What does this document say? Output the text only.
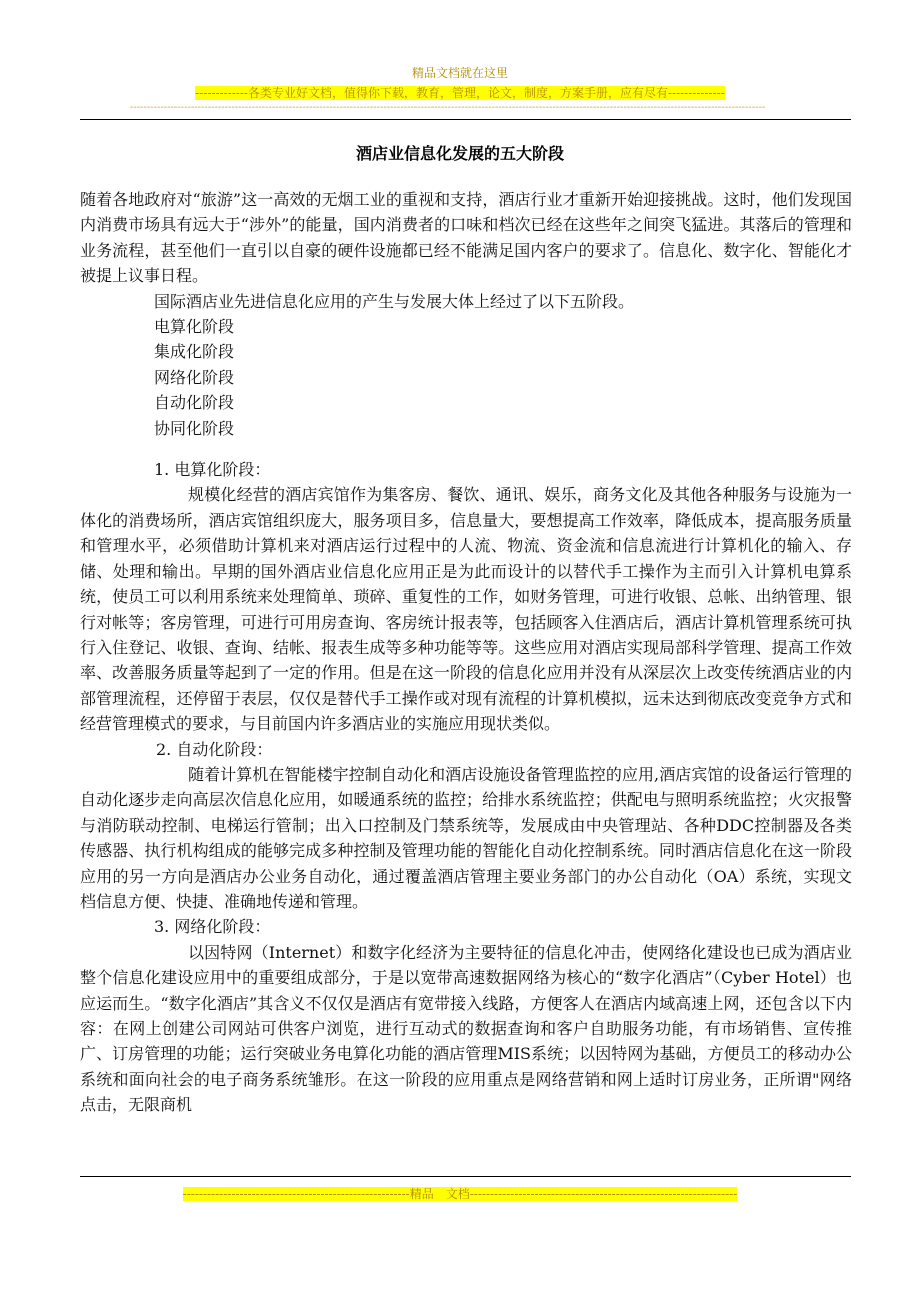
精品文档就在这里
-------------各类专业好文档，值得你下载，教育，管理，论文，制度，方案手册，应有尽有--------------
--------------------------------------------------------------------------------------------------------------------------------------------------------------------------------------------
酒店业信息化发展的五大阶段

随着各地政府对“旅游”这一高效的无烟工业的重视和支持，酒店行业才重新开始迎接挑战。这时，他们发现国内消费市场具有远大于“涉外”的能量，国内消费者的口味和档次已经在这些年之间突飞猛进。其落后的管理和业务流程，甚至他们一直引以自豪的硬件设施都已经不能满足国内客户的要求了。信息化、数字化、智能化才被提上议事日程。

国际酒店业先进信息化应用的产生与发展大体上经过了以下五阶段。

电算化阶段

集成化阶段

网络化阶段

自动化阶段

协同化阶段

1. 电算化阶段：

规模化经营的酒店宾馆作为集客房、餐饮、通讯、娱乐，商务文化及其他各种服务与设施为一体化的消费场所，酒店宾馆组织庞大，服务项目多，信息量大，要想提高工作效率，降低成本，提高服务质量和管理水平，必须借助计算机来对酒店运行过程中的人流、物流、资金流和信息流进行计算机化的输入、存储、处理和输出。早期的国外酒店业信息化应用正是为此而设计的以替代手工操作为主而引入计算机电算系统，使员工可以利用系统来处理简单、琐碎、重复性的工作，如财务管理，可进行收银、总帐、出纳管理、银行对帐等；客房管理，可进行可用房查询、客房统计报表等，包括顾客入住酒店后，酒店计算机管理系统可执行入住登记、收银、查询、结帐、报表生成等多种功能等等。这些应用对酒店实现局部科学管理、提高工作效率、改善服务质量等起到了一定的作用。但是在这一阶段的信息化应用并没有从深层次上改变传统酒店业的内部管理流程，还停留于表层，仅仅是替代手工操作或对现有流程的计算机模拟，远未达到彻底改变竞争方式和经营管理模式的要求，与目前国内许多酒店业的实施应用现状类似。

2. 自动化阶段：

随着计算机在智能楼宇控制自动化和酒店设施设备管理监控的应用,酒店宾馆的设备运行管理的自动化逐步走向高层次信息化应用，如暖通系统的监控；给排水系统监控；供配电与照明系统监控；火灾报警与消防联动控制、电梯运行管制；出入口控制及门禁系统等，发展成由中央管理站、各种DDC控制器及各类传感器、执行机构组成的能够完成多种控制及管理功能的智能化自动化控制系统。同时酒店信息化在这一阶段应用的另一方向是酒店办公业务自动化，通过覆盖酒店管理主要业务部门的办公自动化（OA）系统，实现文档信息方便、快捷、准确地传递和管理。

3. 网络化阶段：

以因特网（Internet）和数字化经济为主要特征的信息化冲击，使网络化建设也已成为酒店业整个信息化建设应用中的重要组成部分，于是以宽带高速数据网络为核心的“数字化酒店”（Cyber Hotel）也应运而生。“数字化酒店”其含义不仅仅是酒店有宽带接入线路，方便客人在酒店内域高速上网，还包含以下内容：在网上创建公司网站可供客户浏览，进行互动式的数据查询和客户自助服务功能，有市场销售、宣传推广、订房管理的功能；运行突破业务电算化功能的酒店管理MIS系统；以因特网为基础，方便员工的移动办公系统和面向社会的电子商务系统雏形。在这一阶段的应用重点是网络营销和网上适时订房业务，正所谓"网络点击，无限商机

--------------------------------------------------------精品　文档------------------------------------------------------------------
